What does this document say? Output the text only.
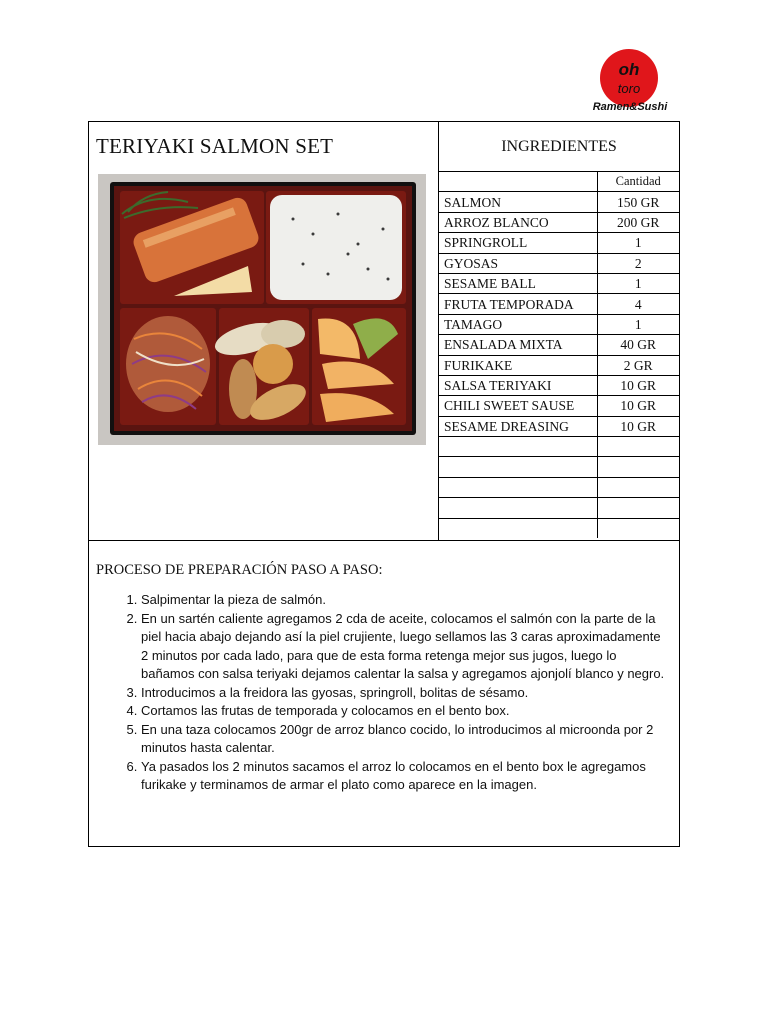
oh
toro
Ramen&Sushi
TERIYAKI SALMON SET	INGREDIENTES
	Cantidad
SALMON	150 GR
ARROZ BLANCO	200 GR
SPRINGROLL	1
GYOSAS	2
SESAME BALL	1
FRUTA TEMPORADA	4
TAMAGO	1
ENSALADA MIXTA	40 GR
FURIKAKE	2 GR
SALSA TERIYAKI	10 GR
CHILI SWEET SAUSE	10 GR
SESAME DREASING	10 GR

PROCESO DE PREPARACIÓN PASO A PASO:
1. Salpimentar la pieza de salmón.
2. En un sartén caliente agregamos 2 cda de aceite, colocamos el salmón con la parte de la piel hacia abajo dejando así la piel crujiente, luego sellamos las 3 caras aproximadamente 2 minutos por cada lado, para que de esta forma retenga mejor sus jugos, luego lo bañamos con salsa teriyaki dejamos calentar la salsa y agregamos ajonjolí blanco y negro.
3. Introducimos a la freidora las gyosas, springroll, bolitas de sésamo.
4. Cortamos las frutas de temporada y colocamos en el bento box.
5. En una taza colocamos 200gr de arroz blanco cocido, lo introducimos al microonda por 2 minutos hasta calentar.
6. Ya pasados los 2 minutos sacamos el arroz lo colocamos en el bento box le agregamos furikake y terminamos de armar el plato como aparece en la imagen.
